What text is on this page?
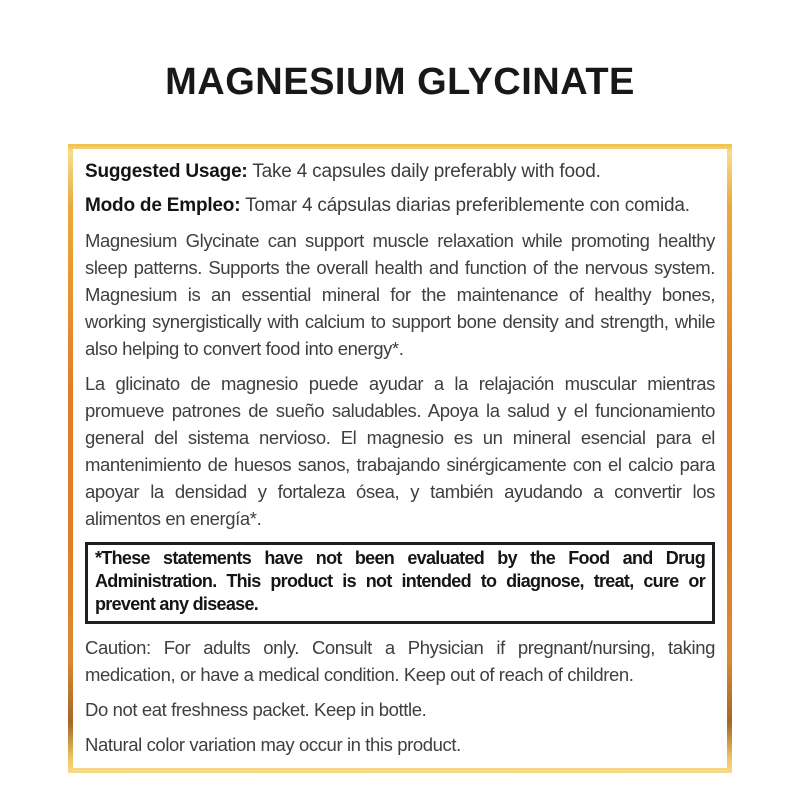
MAGNESIUM GLYCINATE

Suggested Usage: Take 4 capsules daily preferably with food.

Modo de Empleo: Tomar 4 cápsulas diarias preferiblemente con comida.

Magnesium Glycinate can support muscle relaxation while promoting healthy sleep patterns. Supports the overall health and function of the nervous system. Magnesium is an essential mineral for the maintenance of healthy bones, working synergistically with calcium to support bone density and strength, while also helping to convert food into energy*.

La glicinato de magnesio puede ayudar a la relajación muscular mientras promueve patrones de sueño saludables. Apoya la salud y el funcionamiento general del sistema nervioso. El magnesio es un mineral esencial para el mantenimiento de huesos sanos, trabajando sinérgicamente con el calcio para apoyar la densidad y fortaleza ósea, y también ayudando a convertir los alimentos en energía*.

*These statements have not been evaluated by the Food and Drug Administration. This product is not intended to diagnose, treat, cure or prevent any disease.

Caution: For adults only. Consult a Physician if pregnant/nursing, taking medication, or have a medical condition. Keep out of reach of children.

Do not eat freshness packet. Keep in bottle.

Natural color variation may occur in this product.
